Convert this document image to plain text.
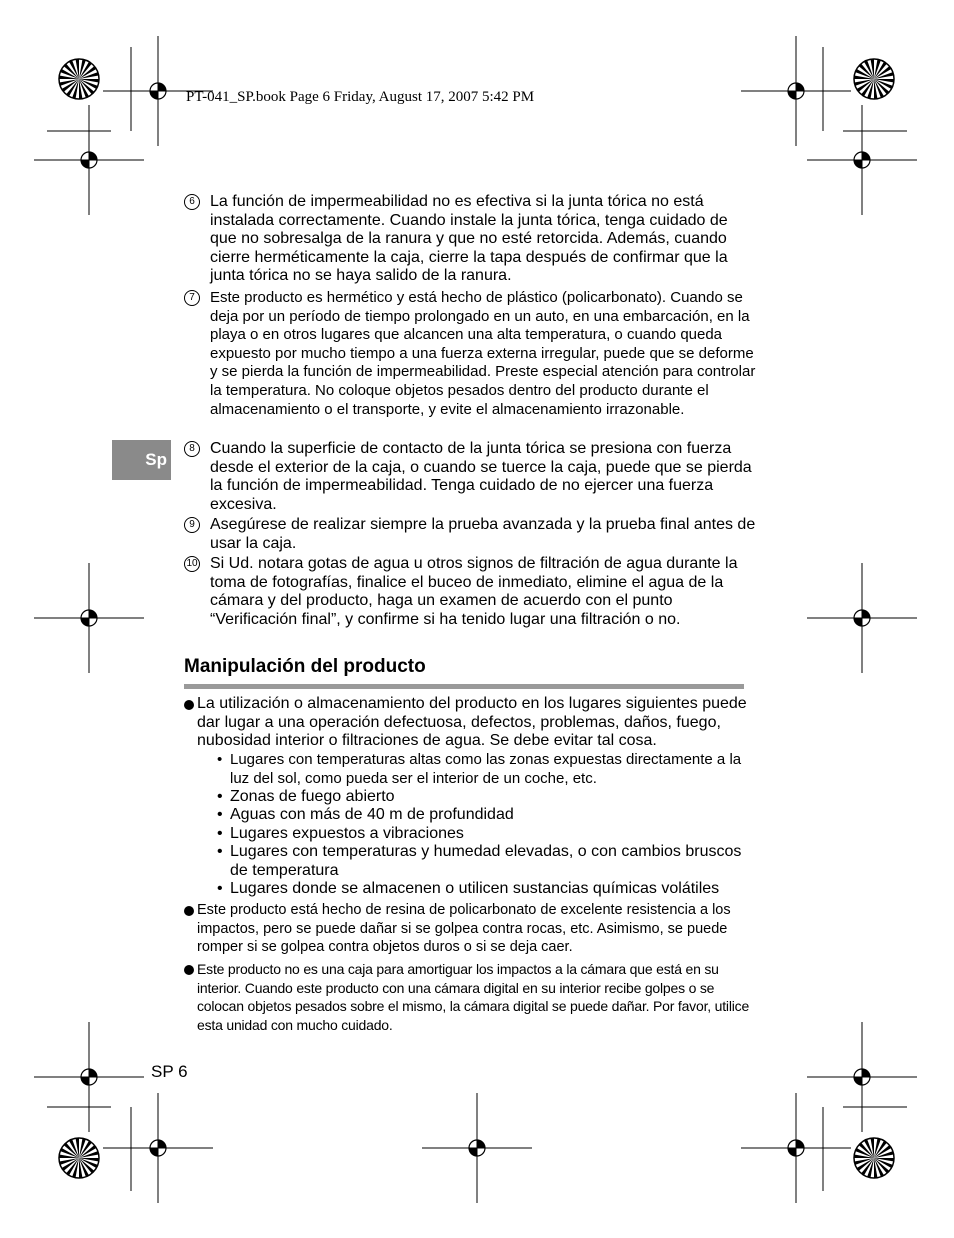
PT-041_SP.book Page 6 Friday, August 17, 2007 5:42 PM
Sp
6 La función de impermeabilidad no es efectiva si la junta tórica no está instalada correctamente. Cuando instale la junta tórica, tenga cuidado de que no sobresalga de la ranura y que no esté retorcida. Además, cuando cierre herméticamente la caja, cierre la tapa después de confirmar que la junta tórica no se haya salido de la ranura.
7	Este producto es hermético y está hecho de plástico (policarbonato). Cuando se deja por un período de tiempo prolongado en un auto, en una embarcación, en la playa o en otros lugares que alcancen una alta temperatura, o cuando queda expuesto por mucho tiempo a una fuerza externa irregular, puede que se deforme y se pierda la función de impermeabilidad. Preste especial atención para controlar la temperatura. No coloque objetos pesados dentro del producto durante el almacenamiento o el transporte, y evite el almacenamiento irrazonable.
8 Cuando la superficie de contacto de la junta tórica se presiona con fuerza desde el exterior de la caja, o cuando se tuerce la caja, puede que se pierda la función de impermeabilidad. Tenga cuidado de no ejercer una fuerza excesiva.
9 Asegúrese de realizar siempre la prueba avanzada y la prueba final antes de usar la caja.
10 Si Ud. notara gotas de agua u otros signos de filtración de agua durante la toma de fotografías, finalice el buceo de inmediato, elimine el agua de la cámara y del producto, haga un examen de acuerdo con el punto “Verificación final”, y confirme si ha tenido lugar una filtración o no.
Manipulación del producto
La utilización o almacenamiento del producto en los lugares siguientes puede dar lugar a una operación defectuosa, defectos, problemas, daños, fuego, nubosidad interior o filtraciones de agua. Se debe evitar tal cosa.
• Lugares con temperaturas altas como las zonas expuestas directamente a la luz del sol, como pueda ser el interior de un coche, etc.
• Zonas de fuego abierto
• Aguas con más de 40 m de profundidad
• Lugares expuestos a vibraciones
• Lugares con temperaturas y humedad elevadas, o con cambios bruscos de temperatura
• Lugares donde se almacenen o utilicen sustancias químicas volátiles
Este producto está hecho de resina de policarbonato de excelente resistencia a los impactos, pero se puede dañar si se golpea contra rocas, etc. Asimismo, se puede romper si se golpea contra objetos duros o si se deja caer.
Este producto no es una caja para amortiguar los impactos a la cámara que está en su interior. Cuando este producto con una cámara digital en su interior recibe golpes o se colocan objetos pesados sobre el mismo, la cámara digital se puede dañar. Por favor, utilice esta unidad con mucho cuidado.
SP 6
